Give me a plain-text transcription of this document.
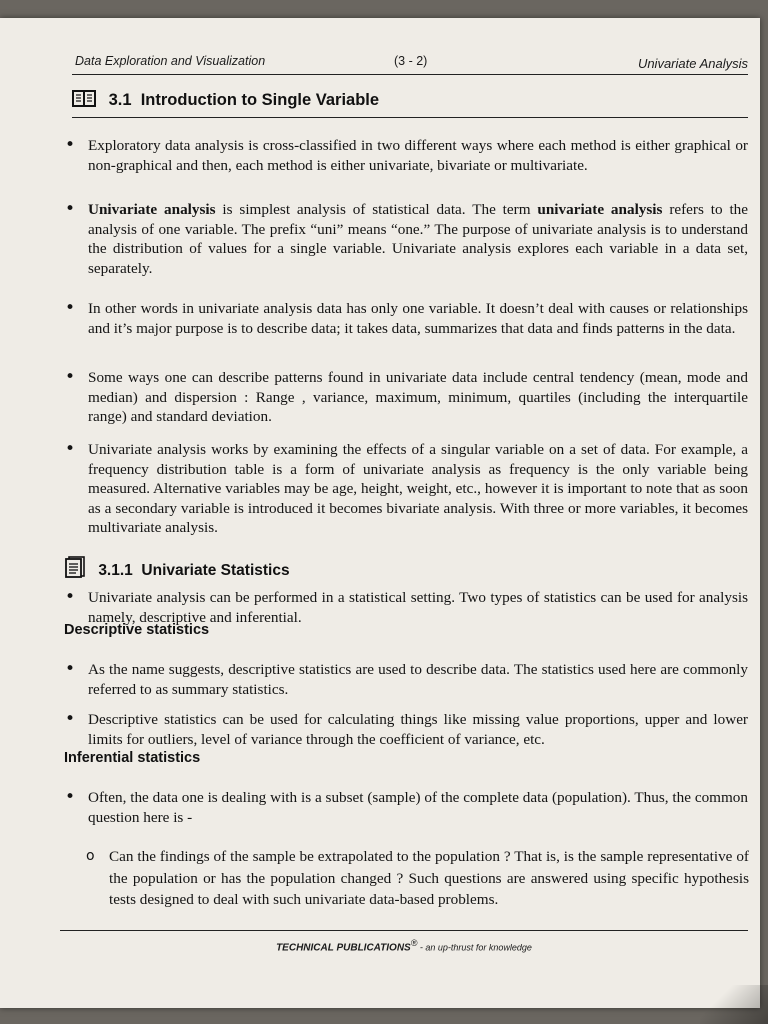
Data Exploration and Visualization	(3 - 2)	Univariate Analysis
3.1 Introduction to Single Variable
• Exploratory data analysis is cross-classified in two different ways where each method is either graphical or non-graphical and then, each method is either univariate, bivariate or multivariate.
• Univariate analysis is simplest analysis of statistical data. The term univariate analysis refers to the analysis of one variable. The prefix “uni” means “one.” The purpose of univariate analysis is to understand the distribution of values for a single variable. Univariate analysis explores each variable in a data set, separately.
• In other words in univariate analysis data has only one variable. It doesn’t deal with causes or relationships and it’s major purpose is to describe data; it takes data, summarizes that data and finds patterns in the data.
• Some ways one can describe patterns found in univariate data include central tendency (mean, mode and median) and dispersion : Range , variance, maximum, minimum, quartiles (including the interquartile range) and standard deviation.
• Univariate analysis works by examining the effects of a singular variable on a set of data. For example, a frequency distribution table is a form of univariate analysis as frequency is the only variable being measured. Alternative variables may be age, height, weight, etc., however it is important to note that as soon as a secondary variable is introduced it becomes bivariate analysis. With three or more variables, it becomes multivariate analysis.
3.1.1 Univariate Statistics
• Univariate analysis can be performed in a statistical setting. Two types of statistics can be used for analysis namely, descriptive and inferential.
Descriptive statistics
• As the name suggests, descriptive statistics are used to describe data. The statistics used here are commonly referred to as summary statistics.
• Descriptive statistics can be used for calculating things like missing value proportions, upper and lower limits for outliers, level of variance through the coefficient of variance, etc.
Inferential statistics
• Often, the data one is dealing with is a subset (sample) of the complete data (population). Thus, the common question here is -
o Can the findings of the sample be extrapolated to the population ? That is, is the sample representative of the population or has the population changed ? Such questions are answered using specific hypothesis tests designed to deal with such univariate data-based problems.
TECHNICAL PUBLICATIONS® - an up-thrust for knowledge
